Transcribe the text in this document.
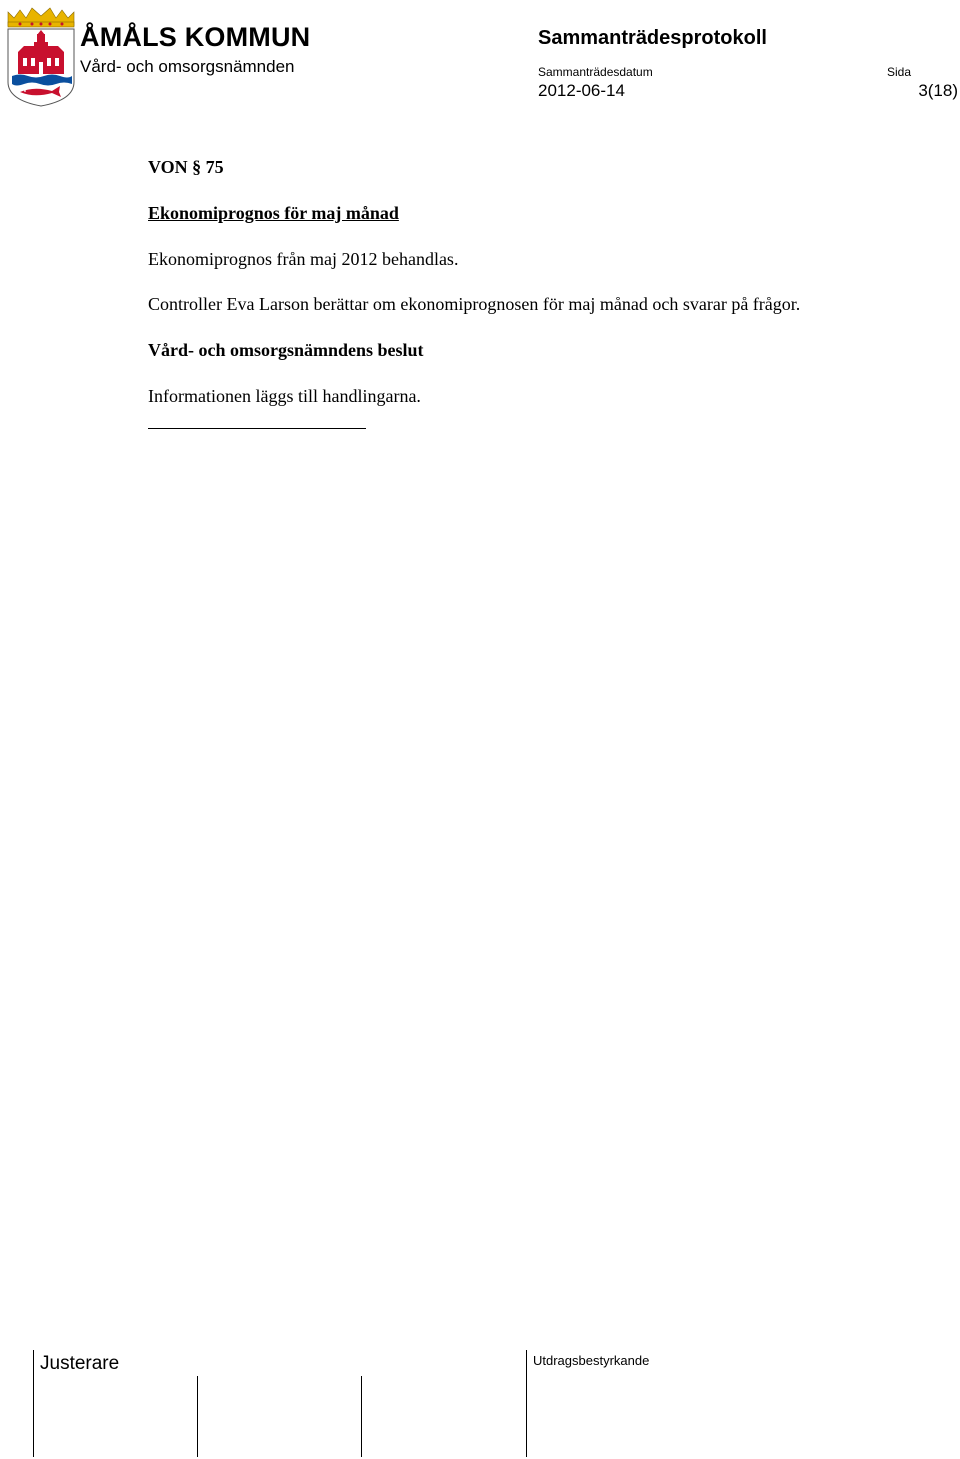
ÅMÅLS KOMMUN
Vård- och omsorgsnämnden
Sammanträdesprotokoll
Sammanträdesdatum	Sida
2012-06-14	3(18)
VON § 75
Ekonomiprognos för maj månad
Ekonomiprognos från maj 2012 behandlas.
Controller Eva Larson berättar om ekonomiprognosen för maj månad och svarar på frågor.
Vård- och omsorgsnämndens beslut
Informationen läggs till handlingarna.
Justerare	Utdragsbestyrkande
